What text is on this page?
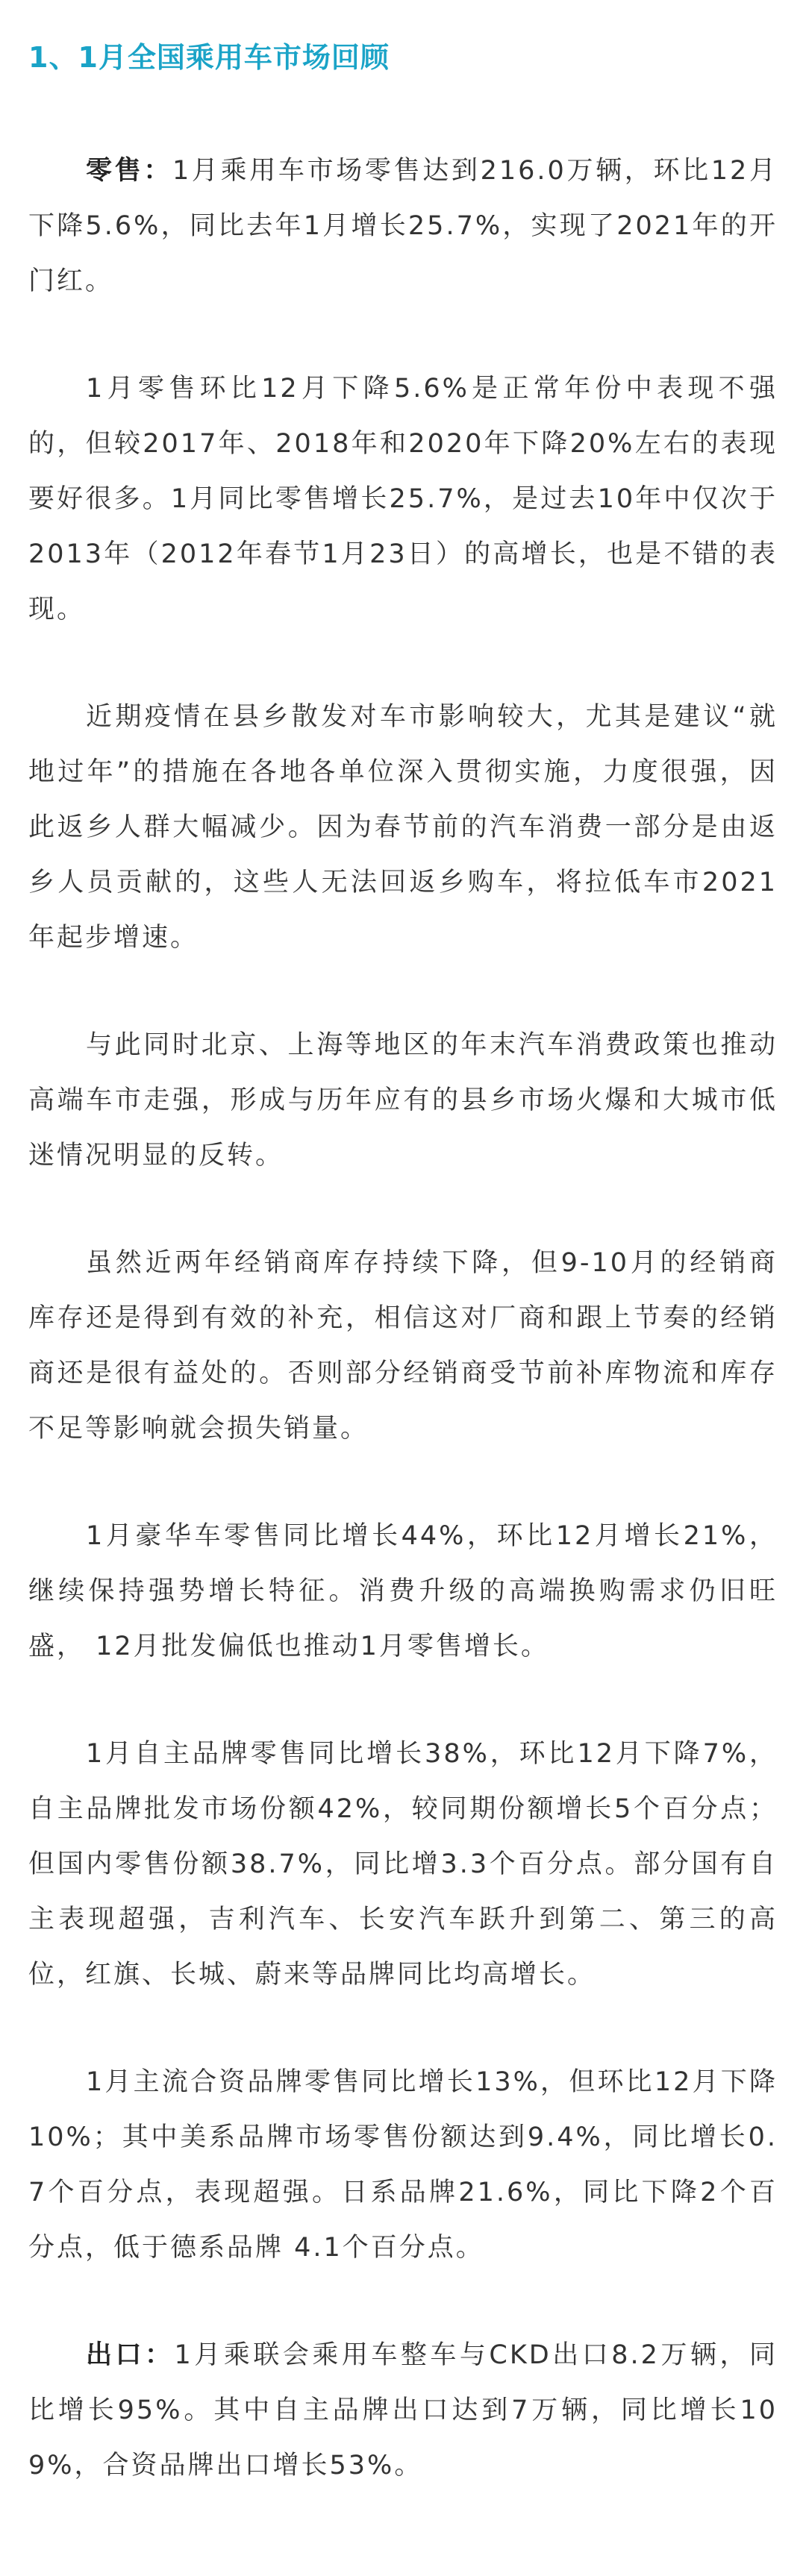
1、1月全国乘用车市场回顾

零售：1月乘用车市场零售达到216.0万辆，环比12月下降5.6%，同比去年1月增长25.7%，实现了2021年的开门红。

1月零售环比12月下降5.6%是正常年份中表现不强的，但较2017年、2018年和2020年下降20%左右的表现要好很多。1月同比零售增长25.7%，是过去10年中仅次于2013年（2012年春节1月23日）的高增长，也是不错的表现。

近期疫情在县乡散发对车市影响较大，尤其是建议“就地过年”的措施在各地各单位深入贯彻实施，力度很强，因此返乡人群大幅减少。因为春节前的汽车消费一部分是由返乡人员贡献的，这些人无法回返乡购车，将拉低车市2021年起步增速。

与此同时北京、上海等地区的年末汽车消费政策也推动高端车市走强，形成与历年应有的县乡市场火爆和大城市低迷情况明显的反转。

虽然近两年经销商库存持续下降，但9-10月的经销商库存还是得到有效的补充，相信这对厂商和跟上节奏的经销商还是很有益处的。否则部分经销商受节前补库物流和库存不足等影响就会损失销量。

1月豪华车零售同比增长44%，环比12月增长21%，继续保持强势增长特征。消费升级的高端换购需求仍旧旺盛， 12月批发偏低也推动1月零售增长。

1月自主品牌零售同比增长38%，环比12月下降7%，自主品牌批发市场份额42%，较同期份额增长5个百分点；但国内零售份额38.7%，同比增3.3个百分点。部分国有自主表现超强，吉利汽车、长安汽车跃升到第二、第三的高位，红旗、长城、蔚来等品牌同比均高增长。

1月主流合资品牌零售同比增长13%，但环比12月下降10%；其中美系品牌市场零售份额达到9.4%，同比增长0.7个百分点，表现超强。日系品牌21.6%，同比下降2个百分点，低于德系品牌 4.1个百分点。

出口：1月乘联会乘用车整车与CKD出口8.2万辆，同比增长95%。其中自主品牌出口达到7万辆，同比增长109%，合资品牌出口增长53%。
